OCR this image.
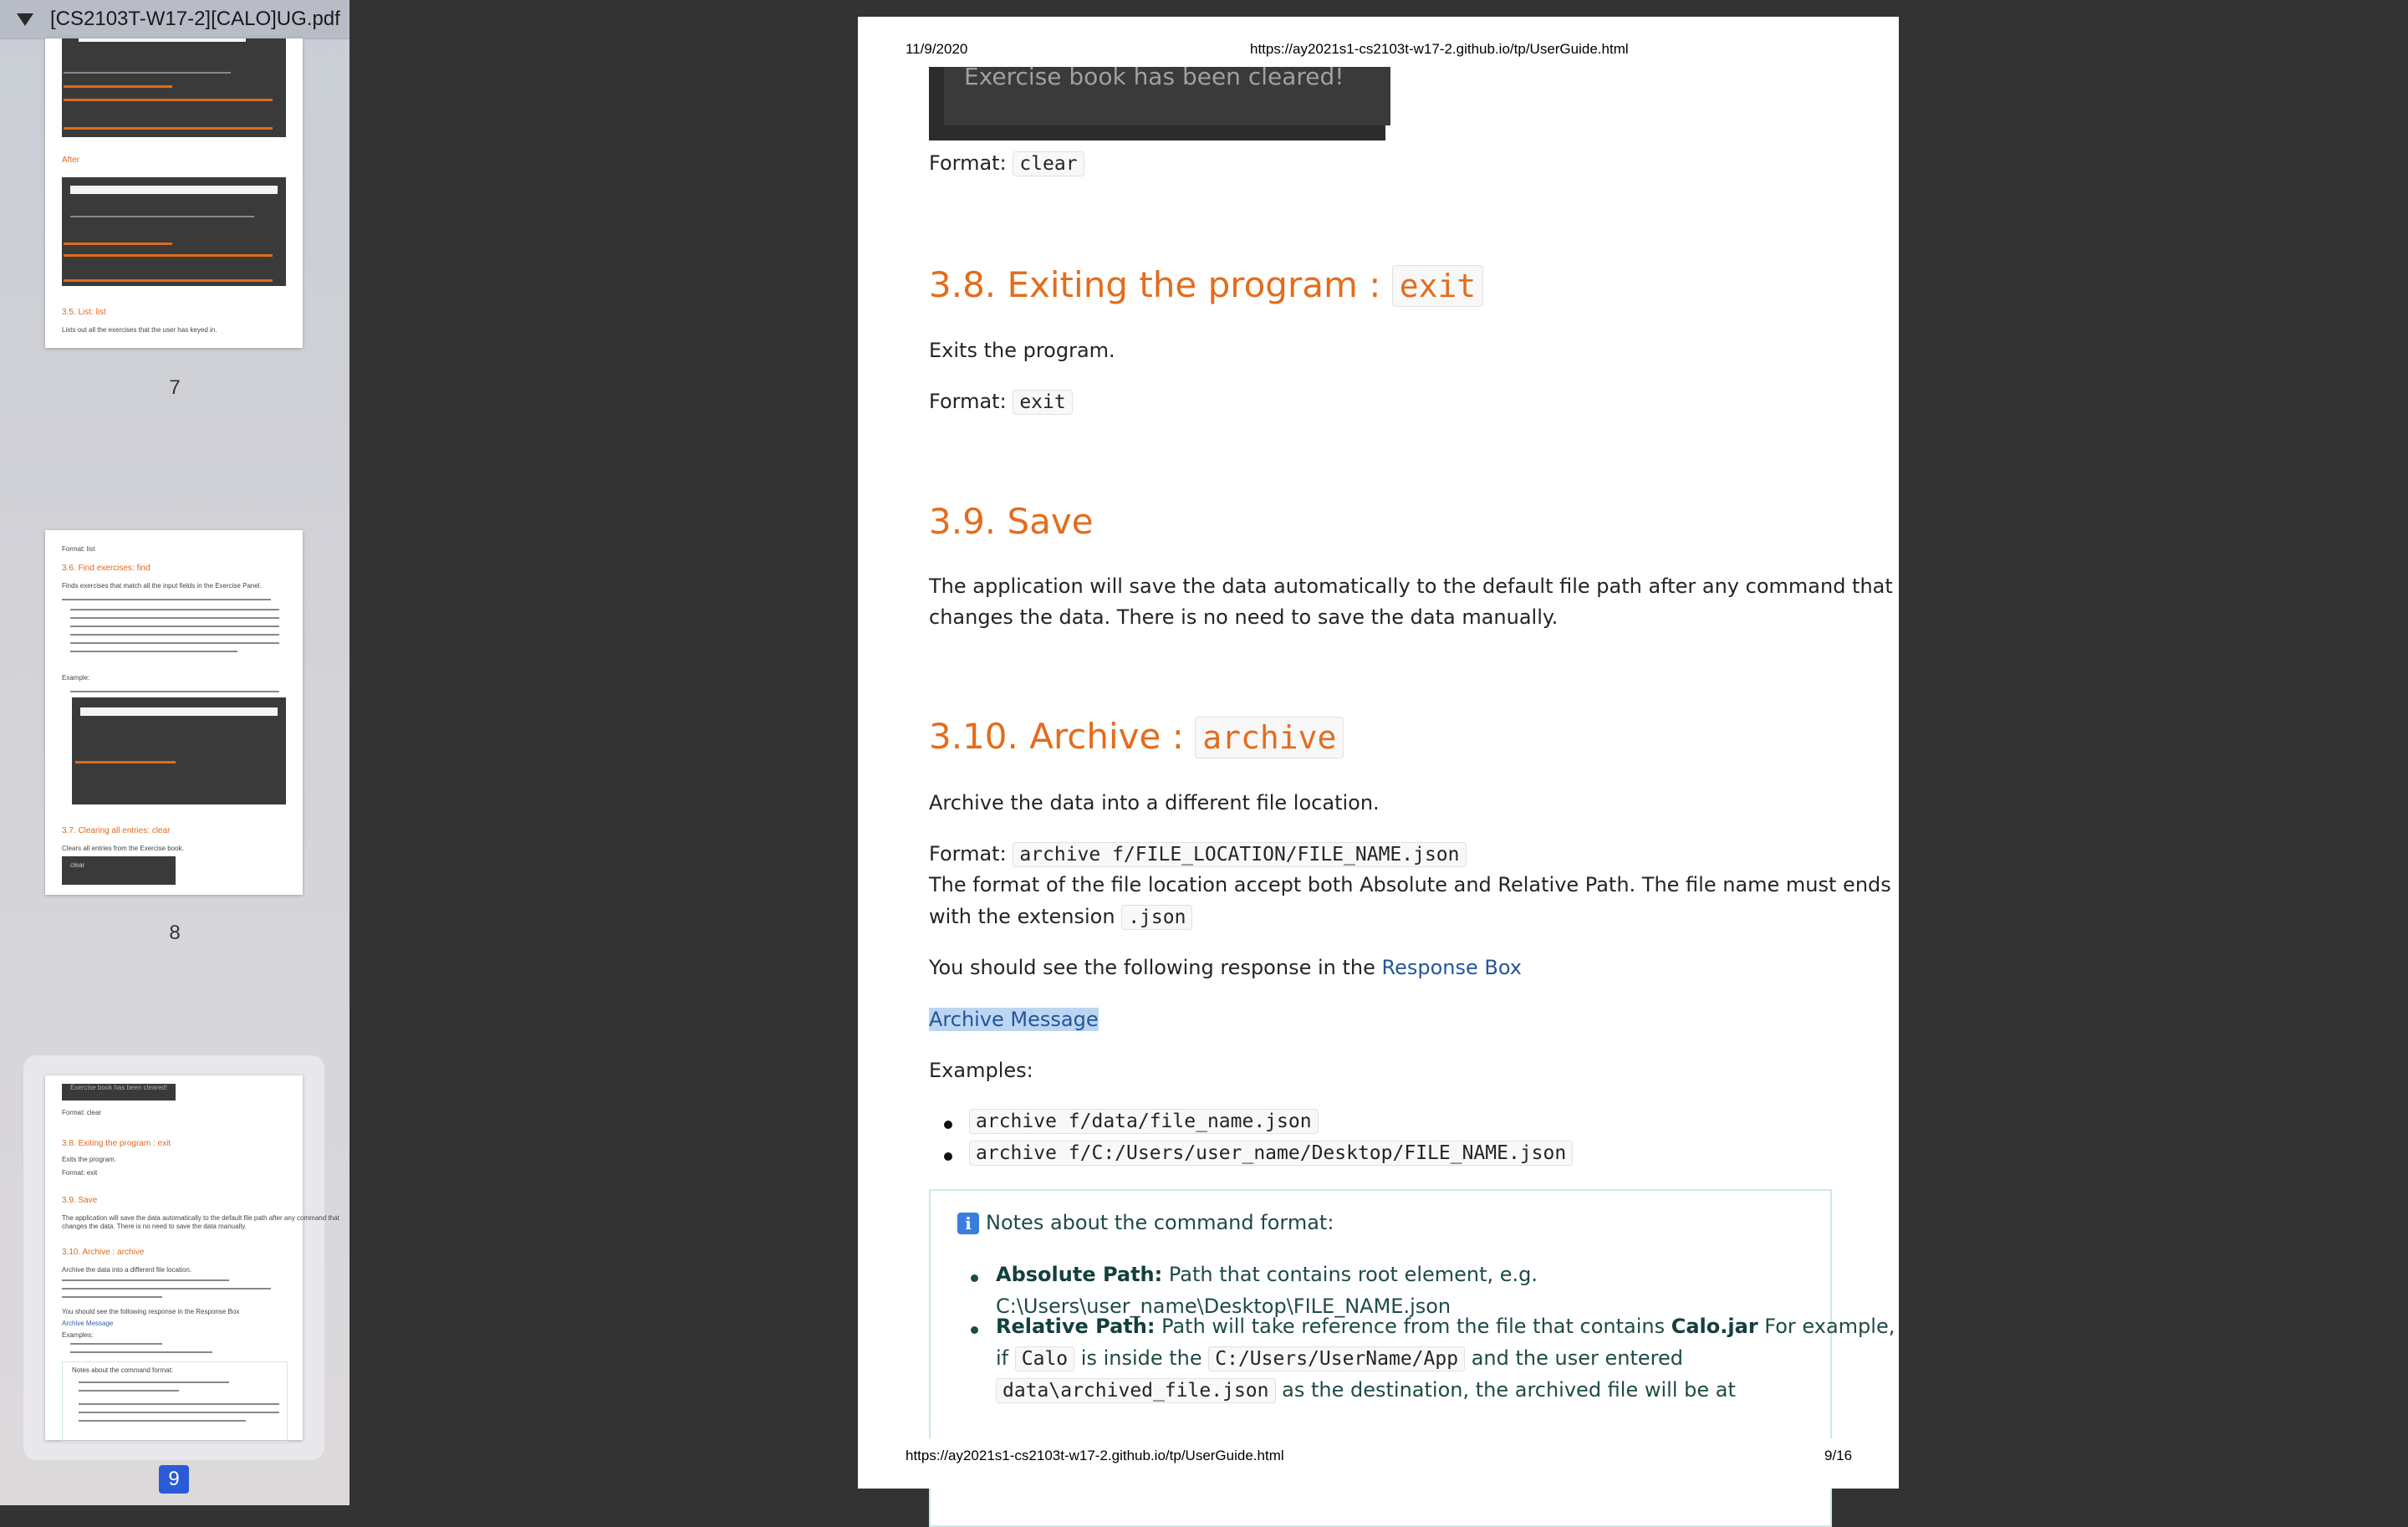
[CS2103T-W17-2][CALO]UG.pdf
After
3.5. List: list
Lists out all the exercises that the user has keyed in.
7
Format: list
3.6. Find exercises: find
Finds exercises that match all the input fields in the Exercise Panel.
Example:
3.7. Clearing all entries: clear
Clears all entries from the Exercise book.
clear
8
Exercise book has been cleared!
Format: clear
3.8. Exiting the program : exit
Exits the program.
Format: exit
3.9. Save
The application will save the data automatically to the default file path after any command that
changes the data. There is no need to save the data manually.
3.10. Archive : archive
Archive the data into a different file location.
You should see the following response in the Response Box
Archive Message
Examples:
Notes about the command format:
9
11/9/2020	https://ay2021s1-cs2103t-w17-2.github.io/tp/UserGuide.html
Exercise book has been cleared!
Format: clear
3.8. Exiting the program : exit
Exits the program.
Format: exit
3.9. Save
The application will save the data automatically to the default file path after any command that
changes the data. There is no need to save the data manually.
3.10. Archive : archive
Archive the data into a different file location.
Format: archive f/FILE_LOCATION/FILE_NAME.json
The format of the file location accept both Absolute and Relative Path. The file name must ends
with the extension .json
You should see the following response in the Response Box
Archive Message
Examples:
archive f/data/file_name.json
archive f/C:/Users/user_name/Desktop/FILE_NAME.json
i Notes about the command format:
Absolute Path: Path that contains root element, e.g.
C:\Users\user_name\Desktop\FILE_NAME.json
Relative Path: Path will take reference from the file that contains Calo.jar For example,
if Calo is inside the C:/Users/UserName/App and the user entered
data\archived_file.json as the destination, the archived file will be at
https://ay2021s1-cs2103t-w17-2.github.io/tp/UserGuide.html	9/16
